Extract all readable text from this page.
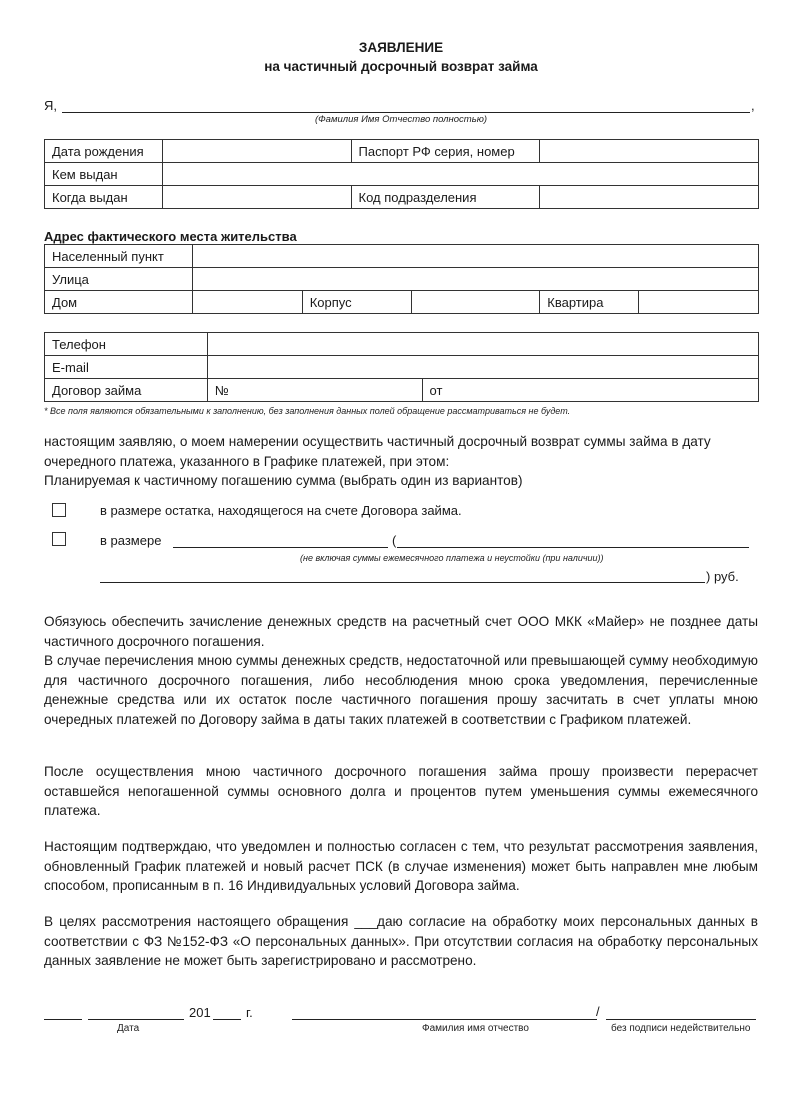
ЗАЯВЛЕНИЕ
на частичный досрочный возврат займа
Я,	,
(Фамилия Имя Отчество полностью)
Дата рождения		Паспорт РФ серия, номер	
Кем выдан			
Когда выдан		Код подразделения	
Адрес фактического места жительства
Населенный пункт					
Улица					
Дом		Корпус		Квартира	
Телефон		
E-mail		
Договор займа	№	от
* Все поля являются обязательными к заполнению, без заполнения данных полей обращение рассматриваться не будет.
настоящим заявляю, о моем намерении осуществить частичный досрочный возврат суммы займа в дату
очередного платежа, указанного в Графике платежей, при этом:
Планируемая к частичному погашению сумма (выбрать один из вариантов)
в размере остатка, находящегося на счете Договора займа.
в размере	(
(не включая суммы ежемесячного платежа и неустойки (при наличии))
) руб.
Обязуюсь обеспечить зачисление денежных средств на расчетный счет ООО МКК «Майер» не позднее даты частичного досрочного погашения.
В случае перечисления мною суммы денежных средств, недостаточной или превышающей сумму необходимую для частичного досрочного погашения, либо несоблюдения мною срока уведомления, перечисленные денежные средства или их остаток после частичного погашения прошу засчитать в счет уплаты мною очередных платежей по Договору займа в даты таких платежей в соответствии с Графиком платежей.
После осуществления мною частичного досрочного погашения займа прошу произвести перерасчет оставшейся непогашенной суммы основного долга и процентов путем уменьшения суммы ежемесячного платежа.
Настоящим подтверждаю, что уведомлен и полностью согласен с тем, что результат рассмотрения заявления, обновленный График платежей и новый расчет ПСК (в случае изменения) может быть направлен мне любым способом, прописанным в п. 16 Индивидуальных условий Договора займа.
В целях рассмотрения настоящего обращения ___даю согласие на обработку моих персональных данных в соответствии с ФЗ №152-ФЗ «О персональных данных». При отсутствии согласия на обработку персональных данных заявление не может быть зарегистрировано и рассмотрено.
201	г.
Дата
/
Фамилия имя отчество	без подписи недействительно
